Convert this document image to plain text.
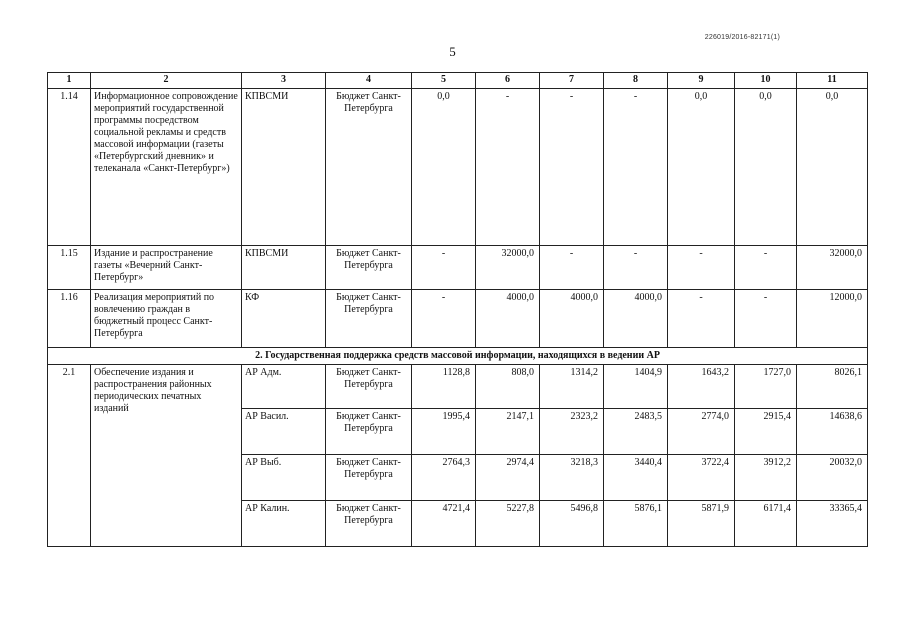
226019/2016-82171(1)
5
1	2	3	4	5	6	7	8	9	10	11
1.14	Информационное сопровождение мероприятий государственной программы посредством социальной рекламы и средств массовой информации (газеты «Петербургский дневник» и телеканала «Санкт-Петербург»)	КПВСМИ	Бюджет Санкт-Петербурга	0,0	-	-	-	0,0	0,0	0,0
1.15	Издание и распространение газеты «Вечерний Санкт-Петербург»	КПВСМИ	Бюджет Санкт-Петербурга	-	32000,0	-	-	-	-	32000,0
1.16	Реализация мероприятий по вовлечению граждан в бюджетный процесс Санкт-Петербурга	КФ	Бюджет Санкт-Петербурга	-	4000,0	4000,0	4000,0	-	-	12000,0
2. Государственная поддержка средств массовой информации, находящихся в ведении АР										
2.1	Обеспечение издания и распространения районных периодических печатных изданий	АР Адм.	Бюджет Санкт-Петербурга	1128,8	808,0	1314,2	1404,9	1643,2	1727,0	8026,1
		АР Васил.	Бюджет Санкт-Петербурга	1995,4	2147,1	2323,2	2483,5	2774,0	2915,4	14638,6
		АР Выб.	Бюджет Санкт-Петербурга	2764,3	2974,4	3218,3	3440,4	3722,4	3912,2	20032,0
		АР Калин.	Бюджет Санкт-Петербурга	4721,4	5227,8	5496,8	5876,1	5871,9	6171,4	33365,4
